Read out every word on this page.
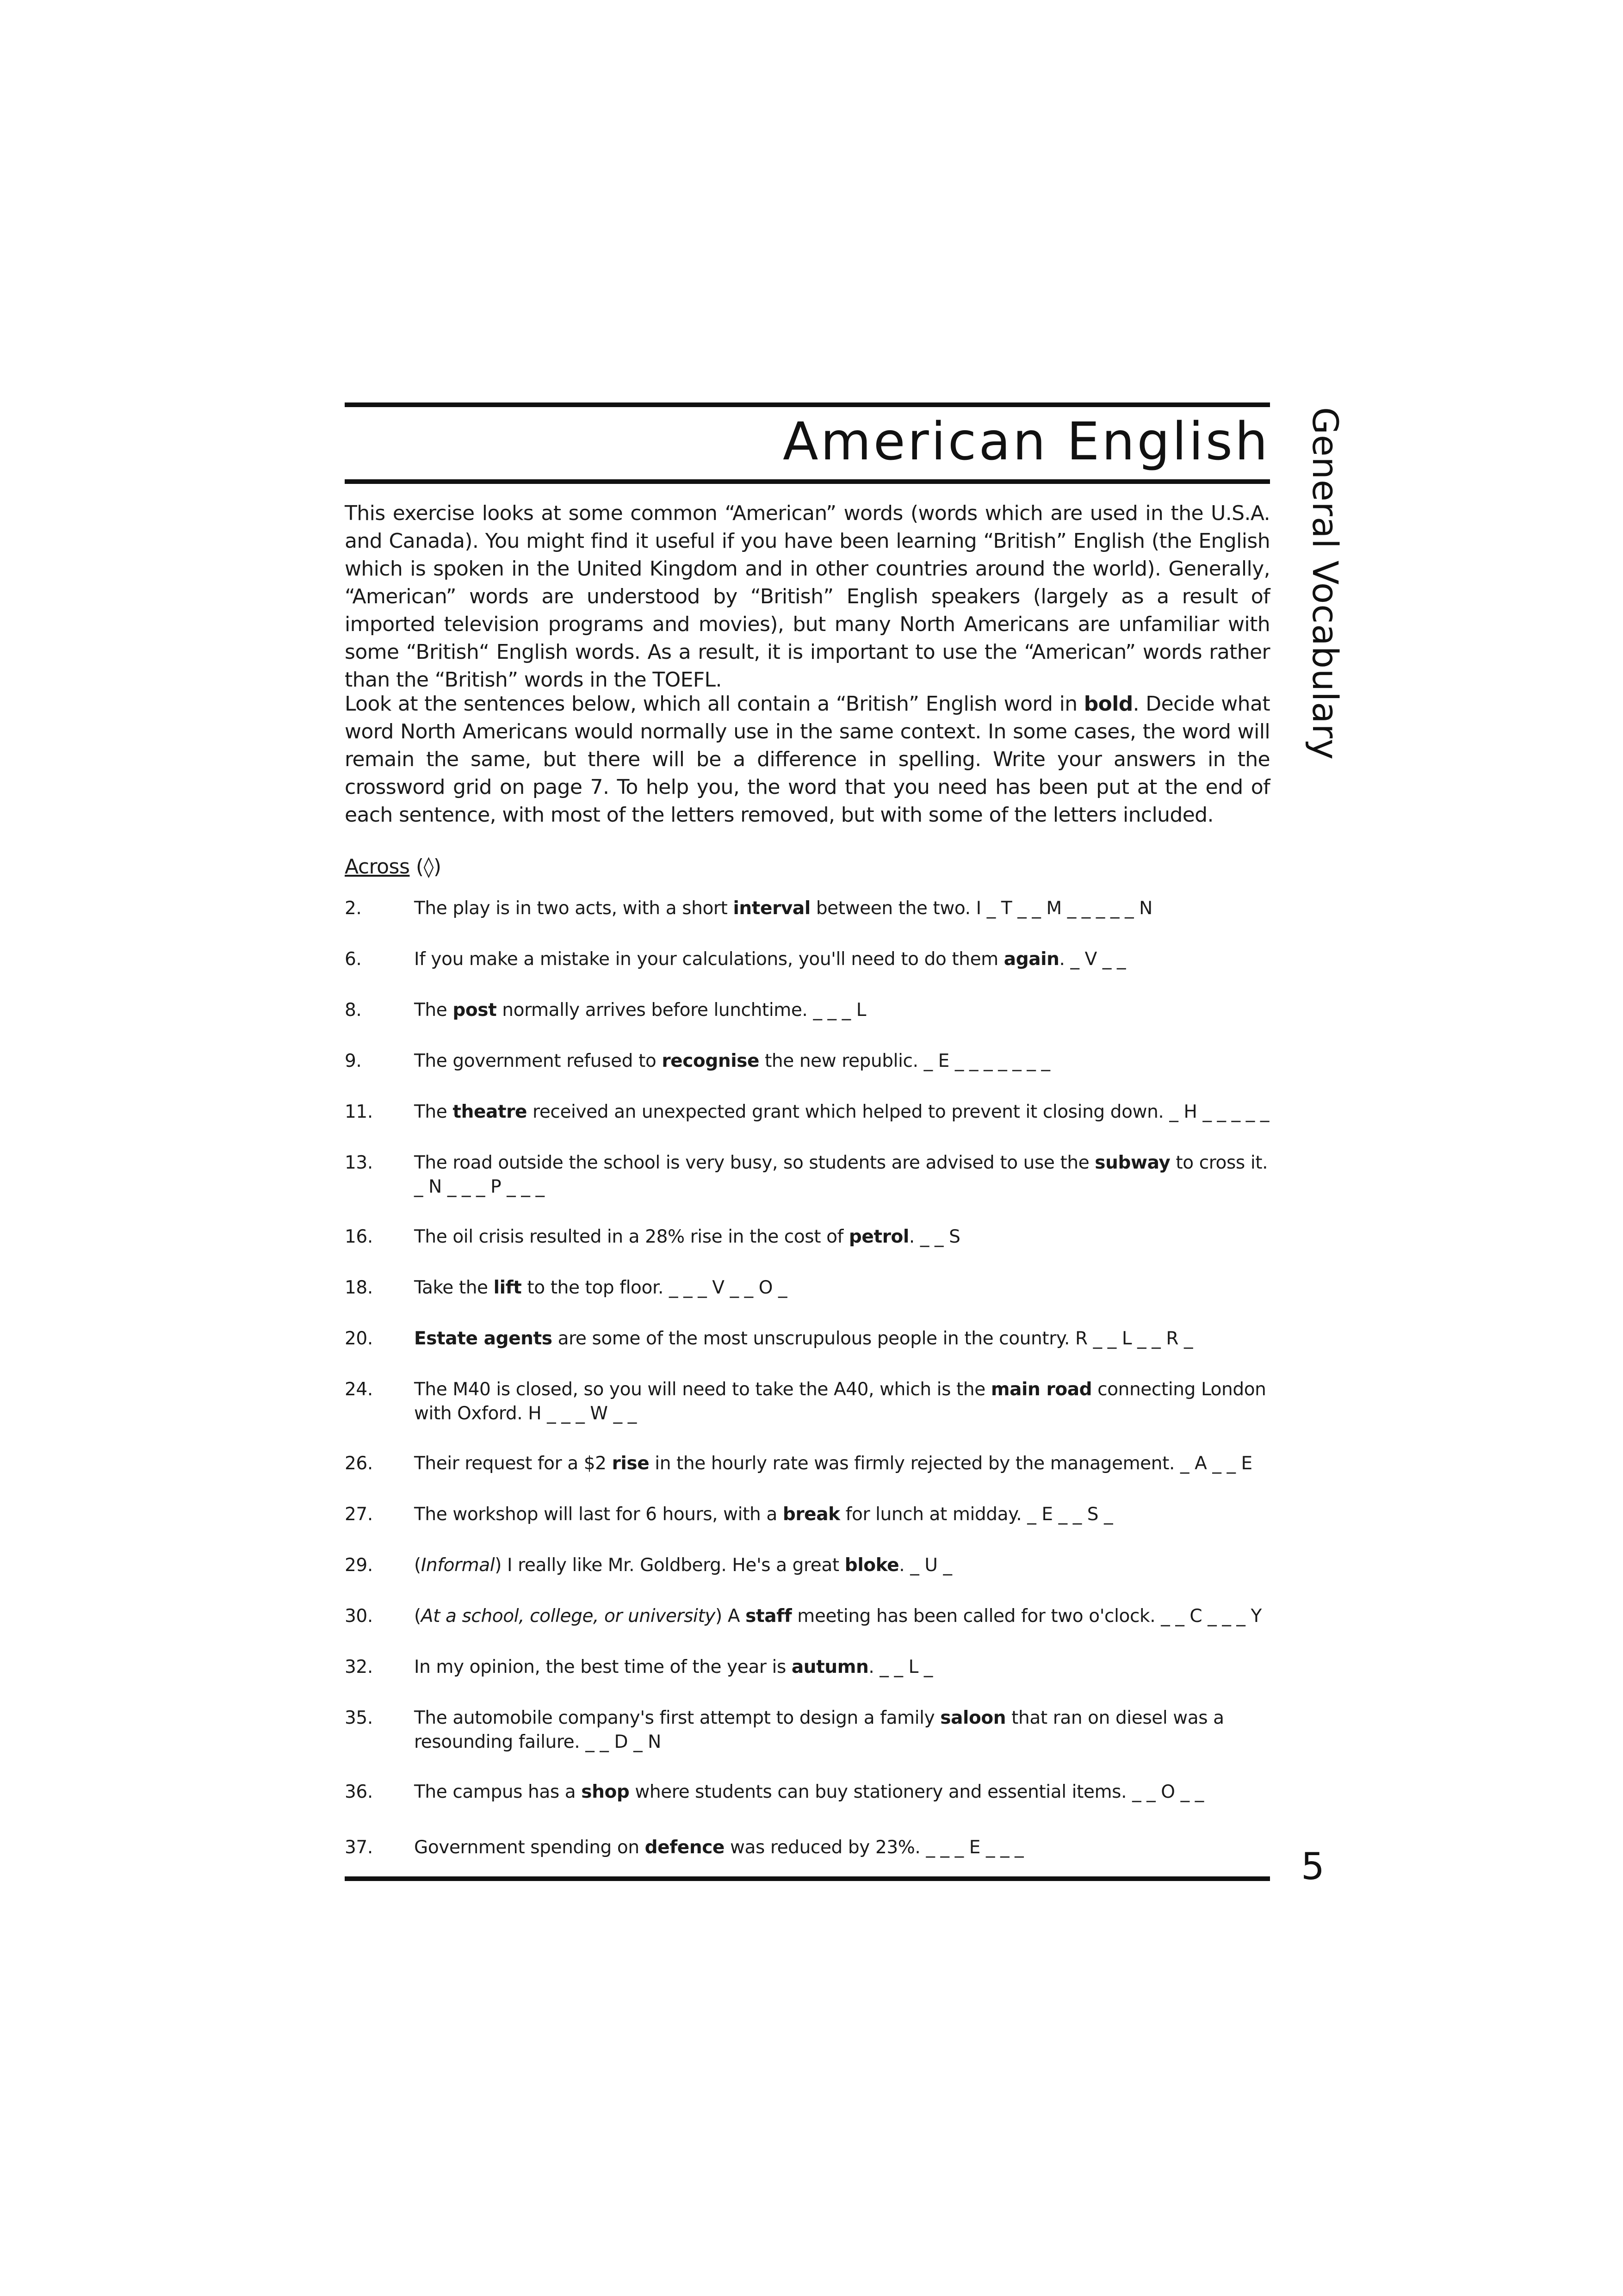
American English General Vocabulary

This exercise looks at some common “American” words (words which are used in the U.S.A. and Canada). You might find it useful if you have been learning “British” English (the English which is spoken in the United Kingdom and in other countries around the world). Generally, “American” words are understood by “British” English speakers (largely as a result of imported television programs and movies), but many North Americans are unfamiliar with some “British“ English words. As a result, it is important to use the “American” words rather than the “British” words in the TOEFL.

Look at the sentences below, which all contain a “British” English word in bold. Decide what word North Americans would normally use in the same context. In some cases, the word will remain the same, but there will be a difference in spelling. Write your answers in the crossword grid on page 7. To help you, the word that you need has been put at the end of each sentence, with most of the letters removed, but with some of the letters included.

Across (◊)
2.	The play is in two acts, with a short interval between the two. I _ T _ _ M _ _ _ _ _ N
6.	If you make a mistake in your calculations, you'll need to do them again. _ V _ _
8.	The post normally arrives before lunchtime. _ _ _ L
9.	The government refused to recognise the new republic. _ E _ _ _ _ _ _ _
11.	The theatre received an unexpected grant which helped to prevent it closing down. _ H _ _ _ _ _
13.	The road outside the school is very busy, so students are advised to use the subway to cross it. _ N _ _ _ P _ _ _
16.	The oil crisis resulted in a 28% rise in the cost of petrol. _ _ S
18.	Take the lift to the top floor. _ _ _ V _ _ O _
20.	Estate agents are some of the most unscrupulous people in the country. R _ _ L _ _ R _
24.	The M40 is closed, so you will need to take the A40, which is the main road connecting London with Oxford. H _ _ _ W _ _
26.	Their request for a $2 rise in the hourly rate was firmly rejected by the management. _ A _ _ E
27.	The workshop will last for 6 hours, with a break for lunch at midday. _ E _ _ S _
29.	(Informal) I really like Mr. Goldberg. He's a great bloke. _ U _
30.	(At a school, college, or university) A staff meeting has been called for two o'clock. _ _ C _ _ _ Y
32.	In my opinion, the best time of the year is autumn. _ _ L _
35.	The automobile company's first attempt to design a family saloon that ran on diesel was a resounding failure. _ _ D _ N
36.	The campus has a shop where students can buy stationery and essential items. _ _ O _ _
37.	Government spending on defence was reduced by 23%. _ _ _ E _ _ _	5
